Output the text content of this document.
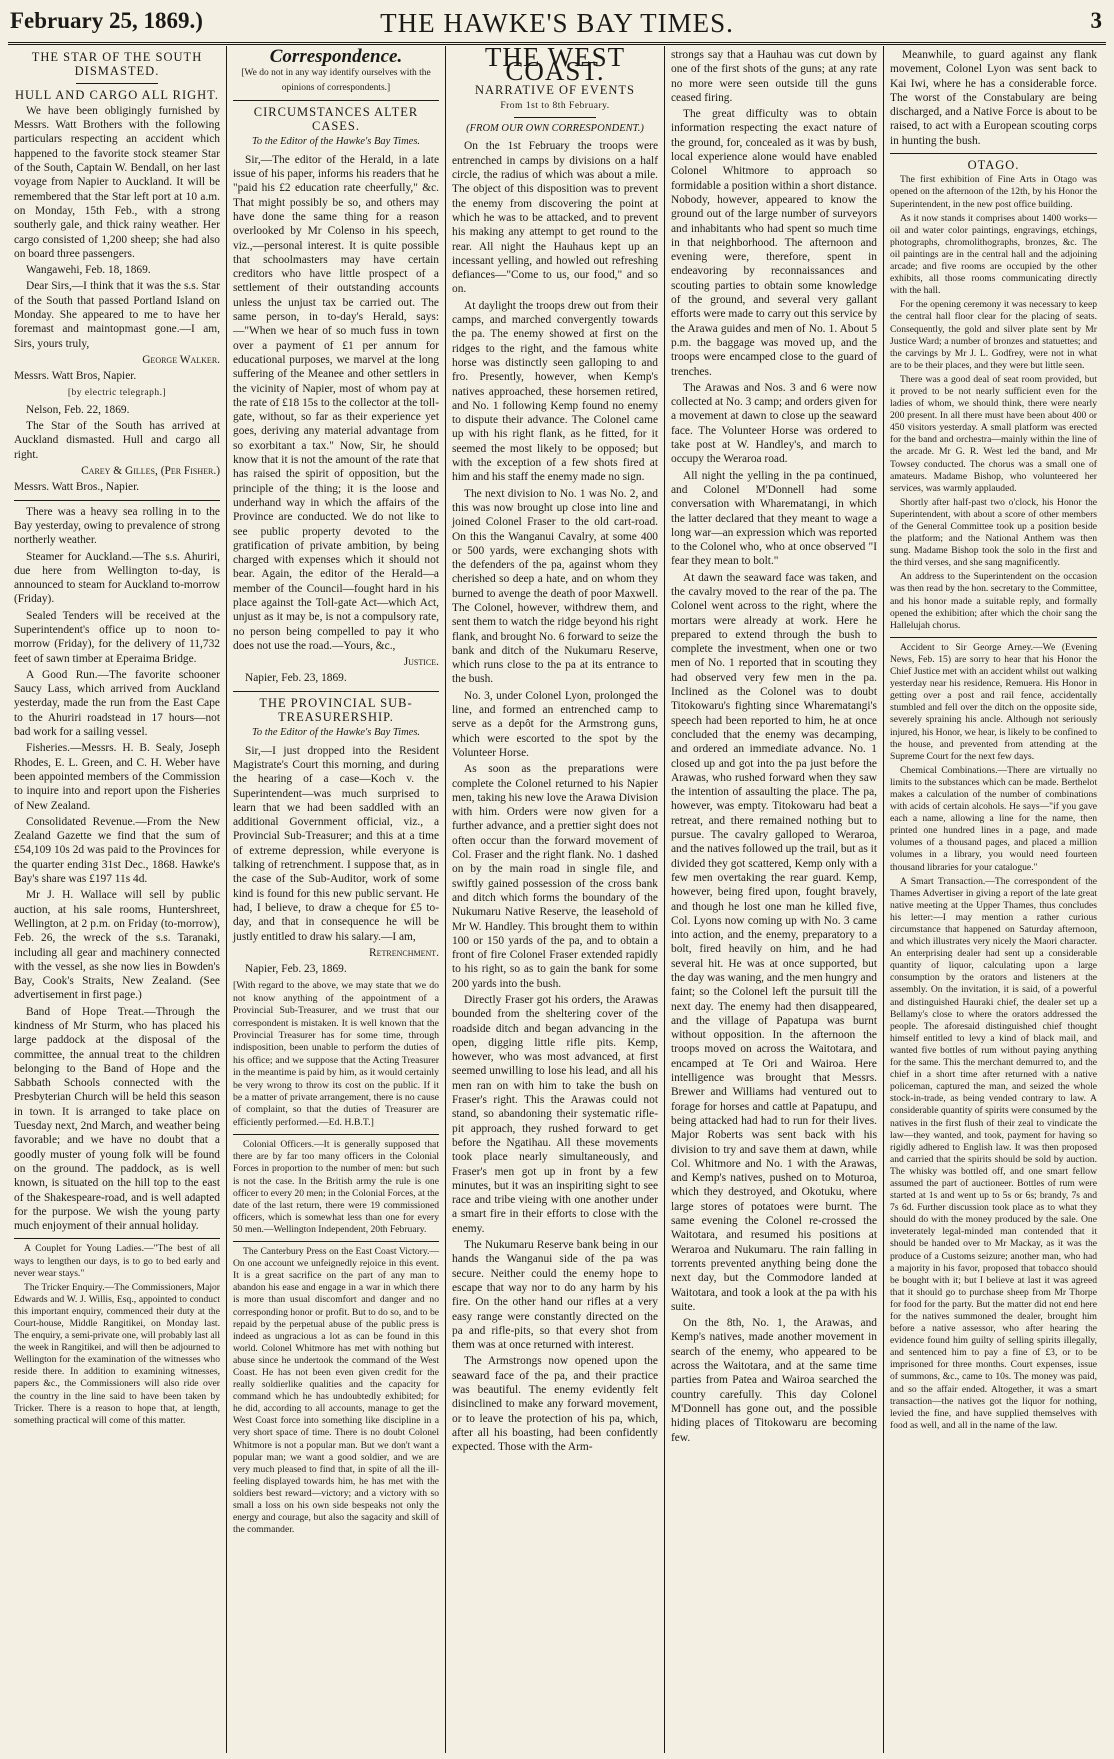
February 25, 1869.)	THE HAWKE'S BAY TIMES.	3
THE STAR OF THE SOUTH DISMASTED.
HULL AND CARGO ALL RIGHT.

We have been obligingly furnished by Messrs. Watt Brothers with the following particulars respecting an accident which happened to the favorite stock steamer Star of the South, Captain W. Bendall, on her last voyage from Napier to Auckland. It will be remembered that the Star left port at 10 a.m. on Monday, 15th Feb., with a strong southerly gale, and thick rainy weather. Her cargo consisted of 1,200 sheep; she had also on board three passengers.

Wangawehi, Feb. 18, 1869.

Dear Sirs,—I think that it was the s.s. Star of the South that passed Portland Island on Monday. She appeared to me to have her foremast and maintopmast gone.—I am, Sirs, yours truly,

George Walker.

Messrs. Watt Bros, Napier.

[by electric telegraph.]

Nelson, Feb. 22, 1869.

The Star of the South has arrived at Auckland dismasted. Hull and cargo all right.

Carey & Gilles, (Per Fisher.)

Messrs. Watt Bros., Napier.

There was a heavy sea rolling in to the Bay yesterday, owing to prevalence of strong northerly weather.

Steamer for Auckland.—The s.s. Ahuriri, due here from Wellington to-day, is announced to steam for Auckland to-morrow (Friday).

Sealed Tenders will be received at the Superintendent's office up to noon to-morrow (Friday), for the delivery of 11,732 feet of sawn timber at Eperaima Bridge.

A Good Run.—The favorite schooner Saucy Lass, which arrived from Auckland yesterday, made the run from the East Cape to the Ahuriri roadstead in 17 hours—not bad work for a sailing vessel.

Fisheries.—Messrs. H. B. Sealy, Joseph Rhodes, E. L. Green, and C. H. Weber have been appointed members of the Commission to inquire into and report upon the Fisheries of New Zealand.

Consolidated Revenue.—From the New Zealand Gazette we find that the sum of £54,109 10s 2d was paid to the Provinces for the quarter ending 31st Dec., 1868. Hawke's Bay's share was £197 11s 4d.

Mr J. H. Wallace will sell by public auction, at his sale rooms, Huntershreet, Wellington, at 2 p.m. on Friday (to-morrow), Feb. 26, the wreck of the s.s. Taranaki, including all gear and machinery connected with the vessel, as she now lies in Bowden's Bay, Cook's Straits, New Zealand. (See advertisement in first page.)

Band of Hope Treat.—Through the kindness of Mr Sturm, who has placed his large paddock at the disposal of the committee, the annual treat to the children belonging to the Band of Hope and the Sabbath Schools connected with the Presbyterian Church will be held this season in town. It is arranged to take place on Tuesday next, 2nd March, and weather being favorable; and we have no doubt that a goodly muster of young folk will be found on the ground. The paddock, as is well known, is situated on the hill top to the east of the Shakespeare-road, and is well adapted for the purpose. We wish the young party much enjoyment of their annual holiday.

A Couplet for Young Ladies.—"The best of all ways to lengthen our days, is to go to bed early and never wear stays."

The Tricker Enquiry.—The Commissioners, Major Edwards and W. J. Willis, Esq., appointed to conduct this important enquiry, commenced their duty at the Court-house, Middle Rangitikei, on Monday last. The enquiry, a semi-private one, will probably last all the week in Rangitikei, and will then be adjourned to Wellington for the examination of the witnesses who reside there. In addition to examining witnesses, papers &c., the Commissioners will also ride over the country in the line said to have been taken by Tricker. There is a reason to hope that, at length, something practical will come of this matter.

Correspondence.
[We do not in any way identify ourselves with the opinions of correspondents.]
CIRCUMSTANCES ALTER CASES.
To the Editor of the Hawke's Bay Times.

Sir,—The editor of the Herald, in a late issue of his paper, informs his readers that he "paid his £2 education rate cheerfully," &c. That might possibly be so, and others may have done the same thing for a reason overlooked by Mr Colenso in his speech, viz.,—personal interest. It is quite possible that schoolmasters may have certain creditors who have little prospect of a settlement of their outstanding accounts unless the unjust tax be carried out. The same person, in to-day's Herald, says:—"When we hear of so much fuss in town over a payment of £1 per annum for educational purposes, we marvel at the long suffering of the Meanee and other settlers in the vicinity of Napier, most of whom pay at the rate of £18 15s to the collector at the toll-gate, without, so far as their experience yet goes, deriving any material advantage from so exorbitant a tax." Now, Sir, he should know that it is not the amount of the rate that has raised the spirit of opposition, but the principle of the thing; it is the loose and underhand way in which the affairs of the Province are conducted. We do not like to see public property devoted to the gratification of private ambition, by being charged with expenses which it should not bear. Again, the editor of the Herald—a member of the Council—fought hard in his place against the Toll-gate Act—which Act, unjust as it may be, is not a compulsory rate, no person being compelled to pay it who does not use the road.—Yours, &c.,

Justice.

Napier, Feb. 23, 1869.

THE PROVINCIAL SUB-TREASURERSHIP.
To the Editor of the Hawke's Bay Times.

Sir,—I just dropped into the Resident Magistrate's Court this morning, and during the hearing of a case—Koch v. the Superintendent—was much surprised to learn that we had been saddled with an additional Government official, viz., a Provincial Sub-Treasurer; and this at a time of extreme depression, while everyone is talking of retrenchment. I suppose that, as in the case of the Sub-Auditor, work of some kind is found for this new public servant. He had, I believe, to draw a cheque for £5 to-day, and that in consequence he will be justly entitled to draw his salary.—I am,

Retrenchment.

Napier, Feb. 23, 1869.

[With regard to the above, we may state that we do not know anything of the appointment of a Provincial Sub-Treasurer, and we trust that our correspondent is mistaken. It is well known that the Provincial Treasurer has for some time, through indisposition, been unable to perform the duties of his office; and we suppose that the Acting Treasurer in the meantime is paid by him, as it would certainly be very wrong to throw its cost on the public. If it be a matter of private arrangement, there is no cause of complaint, so that the duties of Treasurer are efficiently performed.—Ed. H.B.T.]

Colonial Officers.—It is generally supposed that there are by far too many officers in the Colonial Forces in proportion to the number of men: but such is not the case. In the British army the rule is one officer to every 20 men; in the Colonial Forces, at the date of the last return, there were 19 commissioned officers, which is somewhat less than one for every 50 men.—Wellington Independent, 20th February.

The Canterbury Press on the East Coast Victory.—On one account we unfeignedly rejoice in this event. It is a great sacrifice on the part of any man to abandon his ease and engage in a war in which there is more than usual discomfort and danger and no corresponding honor or profit. But to do so, and to be repaid by the perpetual abuse of the public press is indeed as ungracious a lot as can be found in this world. Colonel Whitmore has met with nothing but abuse since he undertook the command of the West Coast. He has not been even given credit for the really soldierlike qualities and the capacity for command which he has undoubtedly exhibited; for he did, according to all accounts, manage to get the West Coast force into something like discipline in a very short space of time. There is no doubt Colonel Whitmore is not a popular man. But we don't want a popular man; we want a good soldier, and we are very much pleased to find that, in spite of all the ill-feeling displayed towards him, he has met with the soldiers best reward—victory; and a victory with so small a loss on his own side bespeaks not only the energy and courage, but also the sagacity and skill of the commander.

THE WEST COAST.
NARRATIVE OF EVENTS
From 1st to 8th February.
(FROM OUR OWN CORRESPONDENT.)

On the 1st February the troops were entrenched in camps by divisions on a half circle, the radius of which was about a mile. The object of this disposition was to prevent the enemy from discovering the point at which he was to be attacked, and to prevent his making any attempt to get round to the rear. All night the Hauhaus kept up an incessant yelling, and howled out refreshing defiances—"Come to us, our food," and so on.

At daylight the troops drew out from their camps, and marched convergently towards the pa. The enemy showed at first on the ridges to the right, and the famous white horse was distinctly seen galloping to and fro. Presently, however, when Kemp's natives approached, these horsemen retired, and No. 1 following Kemp found no enemy to dispute their advance. The Colonel came up with his right flank, as he fitted, for it seemed the most likely to be opposed; but with the exception of a few shots fired at him and his staff the enemy made no sign.

The next division to No. 1 was No. 2, and this was now brought up close into line and joined Colonel Fraser to the old cart-road. On this the Wanganui Cavalry, at some 400 or 500 yards, were exchanging shots with the defenders of the pa, against whom they cherished so deep a hate, and on whom they burned to avenge the death of poor Maxwell. The Colonel, however, withdrew them, and sent them to watch the ridge beyond his right flank, and brought No. 6 forward to seize the bank and ditch of the Nukumaru Reserve, which runs close to the pa at its entrance to the bush.

No. 3, under Colonel Lyon, prolonged the line, and formed an entrenched camp to serve as a depôt for the Armstrong guns, which were escorted to the spot by the Volunteer Horse.

As soon as the preparations were complete the Colonel returned to his Napier men, taking his new love the Arawa Division with him. Orders were now given for a further advance, and a prettier sight does not often occur than the forward movement of Col. Fraser and the right flank. No. 1 dashed on by the main road in single file, and swiftly gained possession of the cross bank and ditch which forms the boundary of the Nukumaru Native Reserve, the leasehold of Mr W. Handley. This brought them to within 100 or 150 yards of the pa, and to obtain a front of fire Colonel Fraser extended rapidly to his right, so as to gain the bank for some 200 yards into the bush.

Directly Fraser got his orders, the Arawas bounded from the sheltering cover of the roadside ditch and began advancing in the open, digging little rifle pits. Kemp, however, who was most advanced, at first seemed unwilling to lose his lead, and all his men ran on with him to take the bush on Fraser's right. This the Arawas could not stand, so abandoning their systematic rifle-pit approach, they rushed forward to get before the Ngatihau. All these movements took place nearly simultaneously, and Fraser's men got up in front by a few minutes, but it was an inspiriting sight to see race and tribe vieing with one another under a smart fire in their efforts to close with the enemy.

The Nukumaru Reserve bank being in our hands the Wanganui side of the pa was secure. Neither could the enemy hope to escape that way nor to do any harm by his fire. On the other hand our rifles at a very easy range were constantly directed on the pa and rifle-pits, so that every shot from them was at once returned with interest.

The Armstrongs now opened upon the seaward face of the pa, and their practice was beautiful. The enemy evidently felt disinclined to make any forward movement, or to leave the protection of his pa, which, after all his boasting, had been confidently expected. Those with the Arm-

strongs say that a Hauhau was cut down by one of the first shots of the guns; at any rate no more were seen outside till the guns ceased firing.

The great difficulty was to obtain information respecting the exact nature of the ground, for, concealed as it was by bush, local experience alone would have enabled Colonel Whitmore to approach so formidable a position within a short distance. Nobody, however, appeared to know the ground out of the large number of surveyors and inhabitants who had spent so much time in that neighborhood. The afternoon and evening were, therefore, spent in endeavoring by reconnaissances and scouting parties to obtain some knowledge of the ground, and several very gallant efforts were made to carry out this service by the Arawa guides and men of No. 1. About 5 p.m. the baggage was moved up, and the troops were encamped close to the guard of trenches.

The Arawas and Nos. 3 and 6 were now collected at No. 3 camp; and orders given for a movement at dawn to close up the seaward face. The Volunteer Horse was ordered to take post at W. Handley's, and march to occupy the Weraroa road.

All night the yelling in the pa continued, and Colonel M'Donnell had some conversation with Wharematangi, in which the latter declared that they meant to wage a long war—an expression which was reported to the Colonel who, who at once observed "I fear they mean to bolt."

At dawn the seaward face was taken, and the cavalry moved to the rear of the pa. The Colonel went across to the right, where the mortars were already at work. Here he prepared to extend through the bush to complete the investment, when one or two men of No. 1 reported that in scouting they had observed very few men in the pa. Inclined as the Colonel was to doubt Titokowaru's fighting since Wharematangi's speech had been reported to him, he at once concluded that the enemy was decamping, and ordered an immediate advance. No. 1 closed up and got into the pa just before the Arawas, who rushed forward when they saw the intention of assaulting the place. The pa, however, was empty. Titokowaru had beat a retreat, and there remained nothing but to pursue. The cavalry galloped to Weraroa, and the natives followed up the trail, but as it divided they got scattered, Kemp only with a few men overtaking the rear guard. Kemp, however, being fired upon, fought bravely, and though he lost one man he killed five, Col. Lyons now coming up with No. 3 came into action, and the enemy, preparatory to a bolt, fired heavily on him, and he had several hit. He was at once supported, but the day was waning, and the men hungry and faint; so the Colonel left the pursuit till the next day. The enemy had then disappeared, and the village of Papatupa was burnt without opposition. In the afternoon the troops moved on across the Waitotara, and encamped at Te Ori and Wairoa. Here intelligence was brought that Messrs. Brewer and Williams had ventured out to forage for horses and cattle at Papatupu, and being attacked had had to run for their lives. Major Roberts was sent back with his division to try and save them at dawn, while Col. Whitmore and No. 1 with the Arawas, and Kemp's natives, pushed on to Moturoa, which they destroyed, and Okotuku, where large stores of potatoes were burnt. The same evening the Colonel re-crossed the Waitotara, and resumed his positions at Weraroa and Nukumaru. The rain falling in torrents prevented anything being done the next day, but the Commodore landed at Waitotara, and took a look at the pa with his suite.

On the 8th, No. 1, the Arawas, and Kemp's natives, made another movement in search of the enemy, who appeared to be across the Waitotara, and at the same time parties from Patea and Wairoa searched the country carefully. This day Colonel M'Donnell has gone out, and the possible hiding places of Titokowaru are becoming few.

Meanwhile, to guard against any flank movement, Colonel Lyon was sent back to Kai Iwi, where he has a considerable force. The worst of the Constabulary are being discharged, and a Native Force is about to be raised, to act with a European scouting corps in hunting the bush.

OTAGO.

The first exhibition of Fine Arts in Otago was opened on the afternoon of the 12th, by his Honor the Superintendent, in the new post office building.

As it now stands it comprises about 1400 works—oil and water color paintings, engravings, etchings, photographs, chromolithographs, bronzes, &c. The oil paintings are in the central hall and the adjoining arcade; and five rooms are occupied by the other exhibits, all those rooms communicating directly with the hall.

For the opening ceremony it was necessary to keep the central hall floor clear for the placing of seats. Consequently, the gold and silver plate sent by Mr Justice Ward; a number of bronzes and statuettes; and the carvings by Mr J. L. Godfrey, were not in what are to be their places, and they were but little seen.

There was a good deal of seat room provided, but it proved to be not nearly sufficient even for the ladies of whom, we should think, there were nearly 200 present. In all there must have been about 400 or 450 visitors yesterday. A small platform was erected for the band and orchestra—mainly within the line of the arcade. Mr G. R. West led the band, and Mr Towsey conducted. The chorus was a small one of amateurs. Madame Bishop, who volunteered her services, was warmly applauded.

Shortly after half-past two o'clock, his Honor the Superintendent, with about a score of other members of the General Committee took up a position beside the platform; and the National Anthem was then sung. Madame Bishop took the solo in the first and the third verses, and she sang magnificently.

An address to the Superintendent on the occasion was then read by the hon. secretary to the Committee, and his honor made a suitable reply, and formally opened the exhibition; after which the choir sang the Hallelujah chorus.

Accident to Sir George Arney.—We (Evening News, Feb. 15) are sorry to hear that his Honor the Chief Justice met with an accident whilst out walking yesterday near his residence, Remuera. His Honor in getting over a post and rail fence, accidentally stumbled and fell over the ditch on the opposite side, severely spraining his ancle. Although not seriously injured, his Honor, we hear, is likely to be confined to the house, and prevented from attending at the Supreme Court for the next few days.

Chemical Combinations.—There are virtually no limits to the substances which can be made. Berthelot makes a calculation of the number of combinations with acids of certain alcohols. He says—"if you gave each a name, allowing a line for the name, then printed one hundred lines in a page, and made volumes of a thousand pages, and placed a million volumes in a library, you would need fourteen thousand libraries for your catalogue."

A Smart Transaction.—The correspondent of the Thames Advertiser in giving a report of the late great native meeting at the Upper Thames, thus concludes his letter:—I may mention a rather curious circumstance that happened on Saturday afternoon, and which illustrates very nicely the Maori character. An enterprising dealer had sent up a considerable quantity of liquor, calculating upon a large consumption by the orators and listeners at the assembly. On the invitation, it is said, of a powerful and distinguished Hauraki chief, the dealer set up a Bellamy's close to where the orators addressed the people. The aforesaid distinguished chief thought himself entitled to levy a kind of black mail, and wanted five bottles of rum without paying anything for the same. This the merchant demurred to, and the chief in a short time after returned with a native policeman, captured the man, and seized the whole stock-in-trade, as being vended contrary to law. A considerable quantity of spirits were consumed by the natives in the first flush of their zeal to vindicate the law—they wanted, and took, payment for having so rigidly adhered to English law. It was then proposed and carried that the spirits should be sold by auction. The whisky was bottled off, and one smart fellow assumed the part of auctioneer. Bottles of rum were started at 1s and went up to 5s or 6s; brandy, 7s and 7s 6d. Further discussion took place as to what they should do with the money produced by the sale. One inveterately legal-minded man contended that it should be handed over to Mr Mackay, as it was the produce of a Customs seizure; another man, who had a majority in his favor, proposed that tobacco should be bought with it; but I believe at last it was agreed that it should go to purchase sheep from Mr Thorpe for food for the party. But the matter did not end here for the natives summoned the dealer, brought him before a native assessor, who after hearing the evidence found him guilty of selling spirits illegally, and sentenced him to pay a fine of £3, or to be imprisoned for three months. Court expenses, issue of summons, &c., came to 10s. The money was paid, and so the affair ended. Altogether, it was a smart transaction—the natives got the liquor for nothing, levied the fine, and have supplied themselves with food as well, and all in the name of the law.
